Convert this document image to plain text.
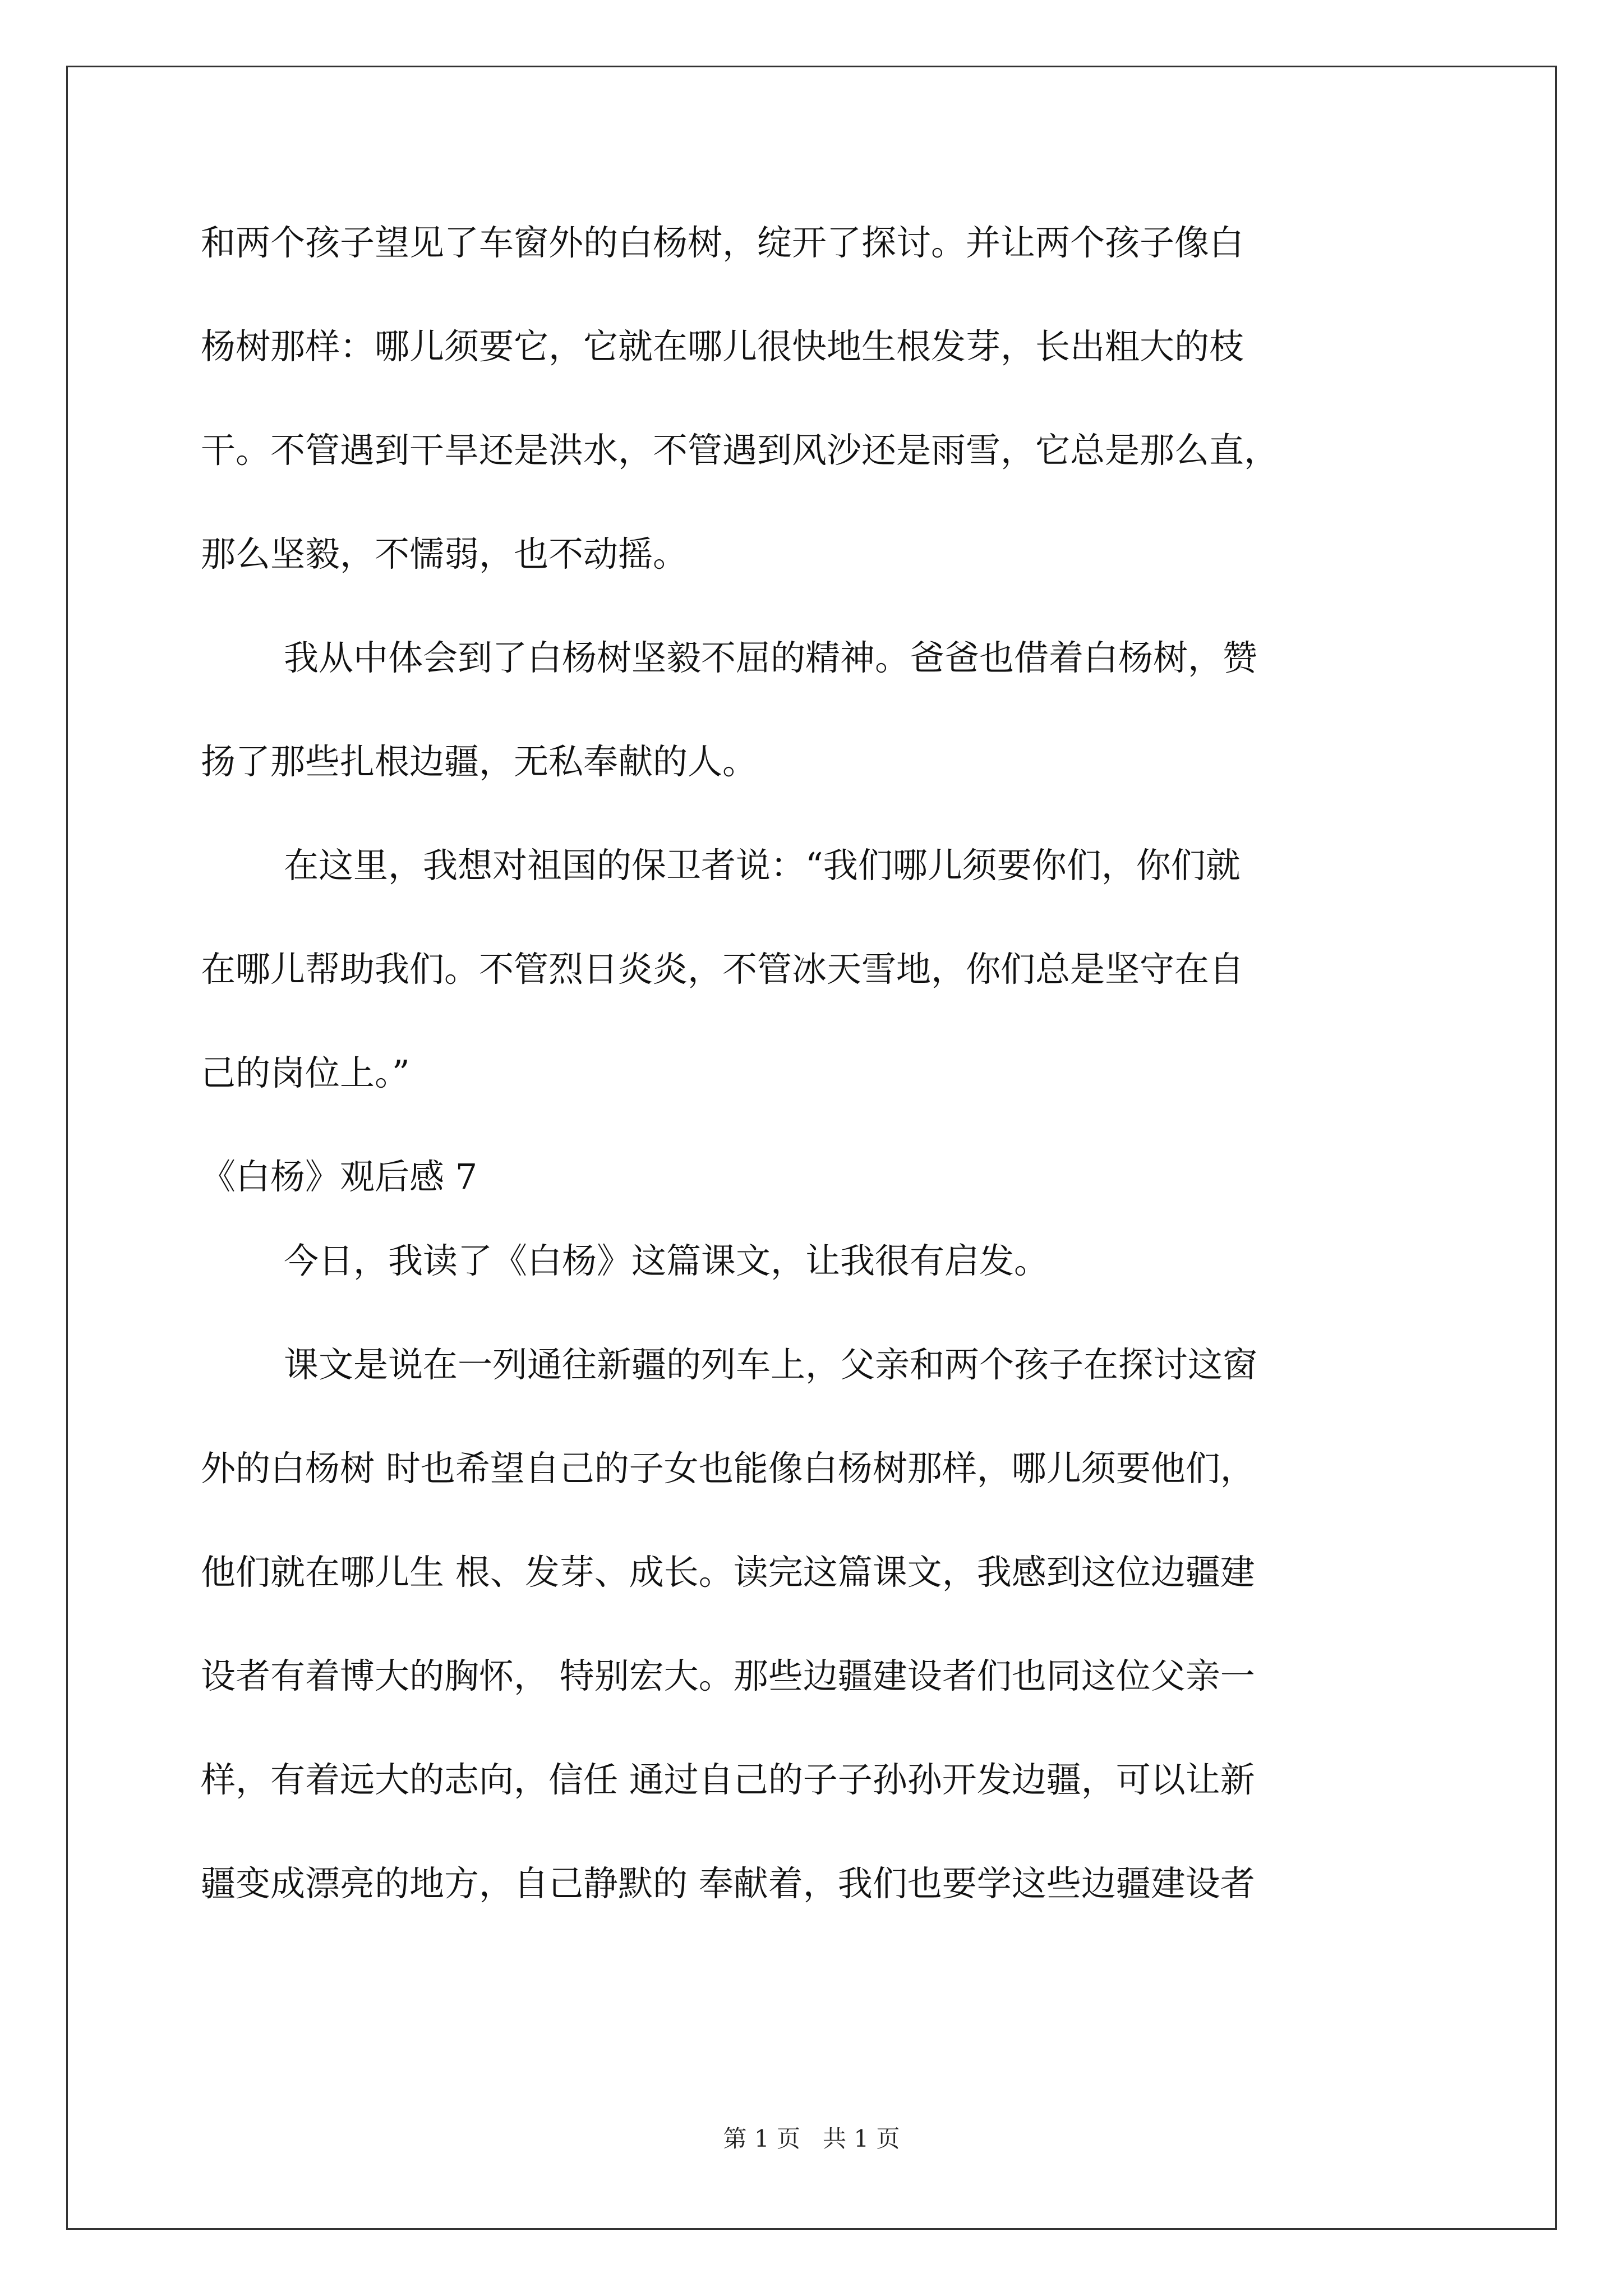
和两个孩子望见了车窗外的白杨树，绽开了探讨。并让两个孩子像白
杨树那样：哪儿须要它，它就在哪儿很快地生根发芽，长出粗大的枝
干。不管遇到干旱还是洪水，不管遇到风沙还是雨雪，它总是那么直，
那么坚毅，不懦弱，也不动摇。
我从中体会到了白杨树坚毅不屈的精神。爸爸也借着白杨树，赞
扬了那些扎根边疆，无私奉献的人。
在这里，我想对祖国的保卫者说：“我们哪儿须要你们，你们就
在哪儿帮助我们。不管烈日炎炎，不管冰天雪地，你们总是坚守在自
己的岗位上。”
《白杨》观后感 7
今日，我读了《白杨》这篇课文，让我很有启发。
课文是说在一列通往新疆的列车上，父亲和两个孩子在探讨这窗
外的白杨树 时也希望自己的子女也能像白杨树那样，哪儿须要他们，
他们就在哪儿生 根、发芽、成长。读完这篇课文，我感到这位边疆建
设者有着博大的胸怀， 特别宏大。那些边疆建设者们也同这位父亲一
样，有着远大的志向，信任 通过自己的子子孙孙开发边疆，可以让新
疆变成漂亮的地方，自己静默的 奉献着，我们也要学这些边疆建设者
第 1 页   共 1 页
